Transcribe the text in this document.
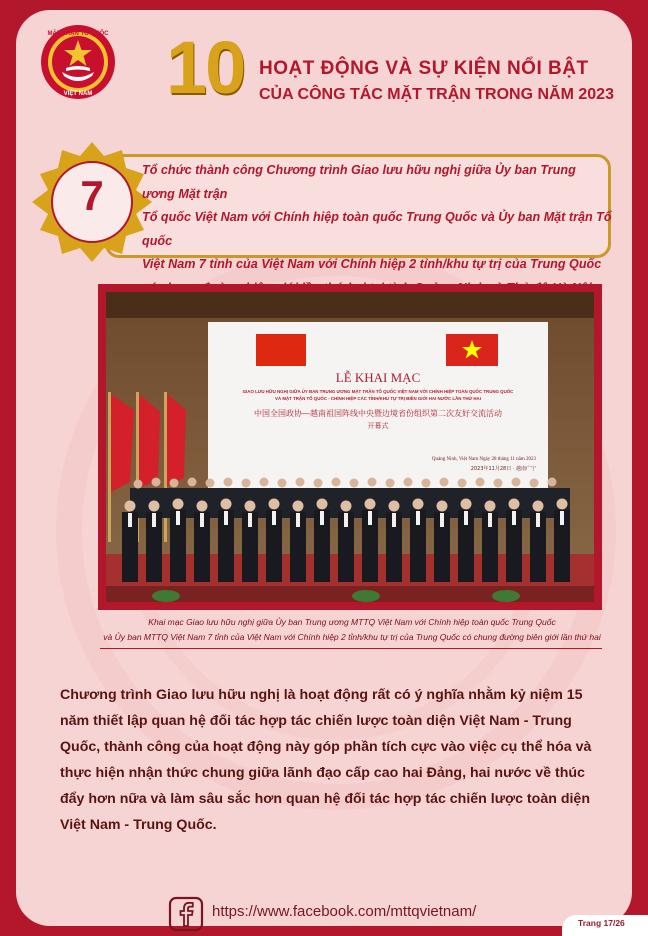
MẶT TRẬN TỔ QUỐC
VIỆT NAM 10 HOẠT ĐỘNG VÀ SỰ KIỆN NỔI BẬT
CỦA CÔNG TÁC MẶT TRẬN TRONG NĂM 2023
7
Tổ chức thành công Chương trình Giao lưu hữu nghị giữa Ủy ban Trung ương Mặt trận
Tổ quốc Việt Nam với Chính hiệp toàn quốc Trung Quốc và Ủy ban Mặt trận Tổ quốc
Việt Nam 7 tỉnh của Việt Nam với Chính hiệp 2 tỉnh/khu tự trị của Trung Quốc
LỄ KHAI MẠC
GIAO LƯU HỮU NGHỊ GIỮA ỦY BAN TRUNG ƯƠNG MẶT TRẬN TỔ QUỐC VIỆT NAM VỚI CHÍNH HIỆP TOÀN QUỐC TRUNG QUỐC
VÀ MẶT TRẬN TỔ QUỐC - CHÍNH HIỆP CÁC TỈNH/KHU TỰ TRỊ BIÊN GIỚI HAI NƯỚC LẦN THỨ HAI
中国全国政协—越南祖国阵线中央暨边境省份组织第二次友好交流活动
开幕式
Quảng Ninh, Việt Nam Ngày 28 tháng 11 năm 2023
2023年11月28日 · 越南广宁
Khai mạc Giao lưu hữu nghị giữa Ủy ban Trung ương MTTQ Việt Nam với Chính hiệp toàn quốc Trung Quốc
và Ủy ban MTTQ Việt Nam 7 tỉnh của Việt Nam với Chính hiệp 2 tỉnh/khu tự trị của Trung Quốc có chung đường biên giới lần thứ hai
Chương trình Giao lưu hữu nghị là hoạt động rất có ý nghĩa nhằm kỷ niệm 15 năm thiết lập quan hệ đối tác hợp tác chiến lược toàn diện Việt Nam - Trung Quốc, thành công của hoạt động này góp phần tích cực vào việc cụ thể hóa và thực hiện nhận thức chung giữa lãnh đạo cấp cao hai Đảng, hai nước về thúc đẩy hơn nữa và làm sâu sắc hơn quan hệ đối tác hợp tác chiến lược toàn diện Việt Nam - Trung Quốc.
https://www.facebook.com/mttqvietnam/
Trang 17/26
